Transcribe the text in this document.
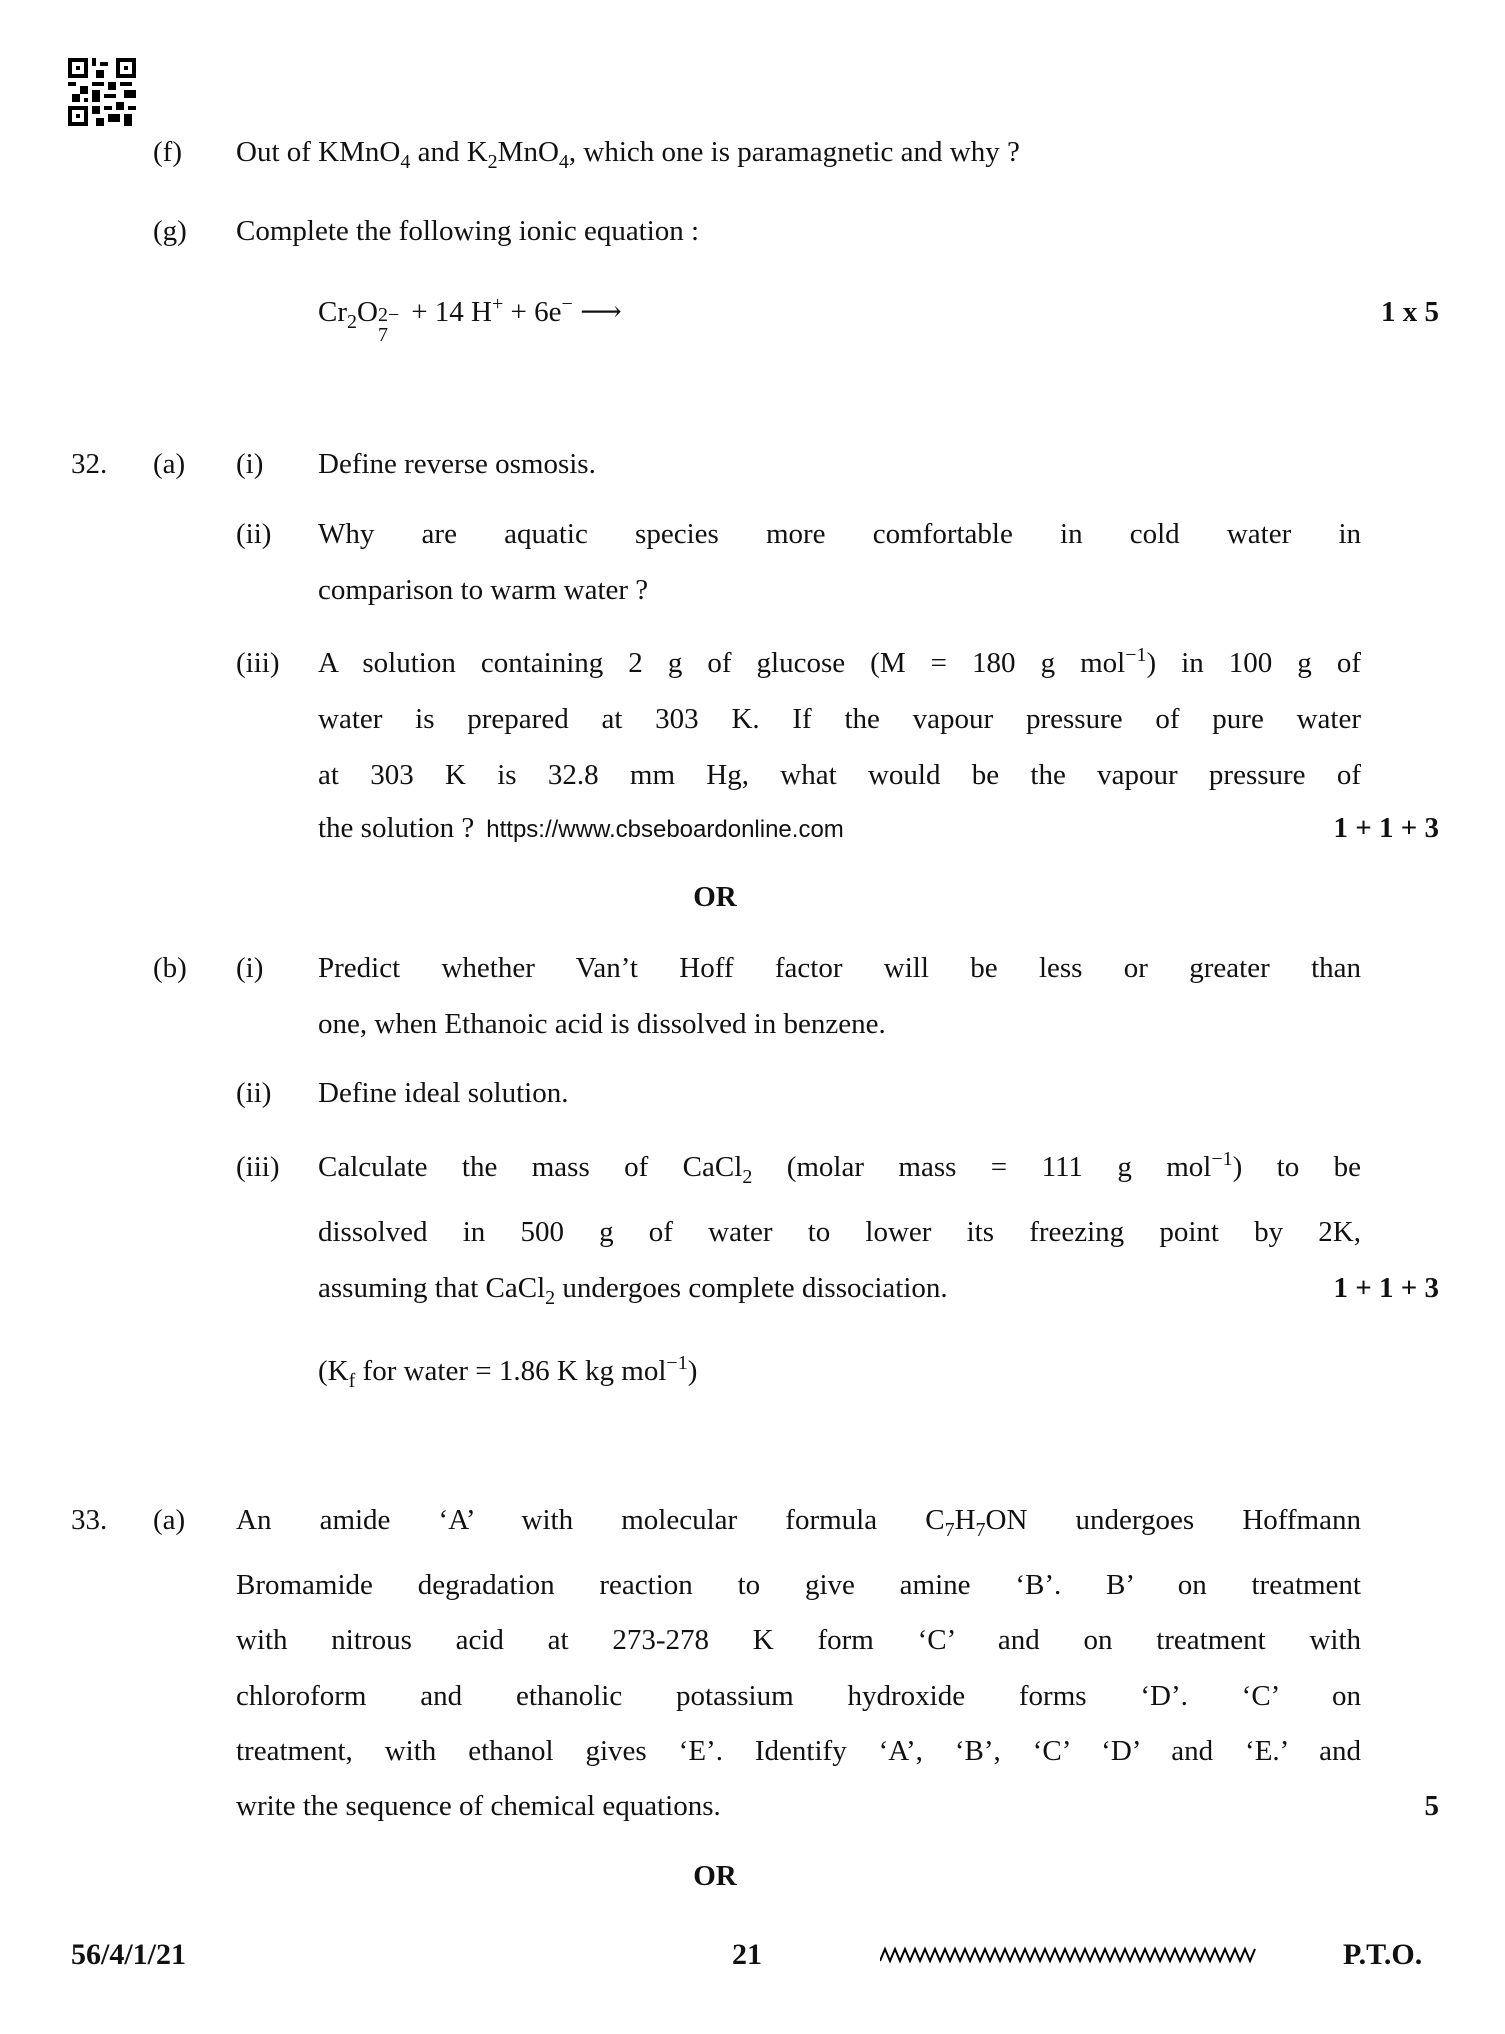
(f) Out of KMnO$_4$ and $K_2MnO_4$, which one is paramagnetic and why ?
(g) Complete the following ionic equation :
$Cr_2O$ 2−
7
+ 14 H+ + 6e− ⟶	1 x 5
32. (a) (i) Define reverse osmosis.
(ii) Why are aquatic species more comfortable in cold water in
comparison to warm water ?
(iii) A solution containing 2 g of glucose (M = 180 g mol$^{-1}$) in 100 g of
water is prepared at 303 K. If the vapour pressure of pure water
at 303 K is 32.8 mm Hg, what would be the vapour pressure of
the solution ? https://www.cbseboardonline.com	1 + 1 + 3
OR
(b) (i) Predict whether Van’t Hoff factor will be less or greater than
one, when Ethanoic acid is dissolved in benzene.
(ii) Define ideal solution.
(iii) Calculate the mass of CaCl$_2$ (molar mass = 111 g mol$^{-1}$) to be
dissolved in 500 g of water to lower its freezing point by 2K,
assuming that CaCl$_2$ undergoes complete dissociation.	1 + 1 + 3
($K_f$ for water = 1.86 K kg mol$^{-1}$)
33. (a) An amide ‘A’ with molecular formula $C_7H_7ON$ undergoes Hoffmann
Bromamide degradation reaction to give amine ‘B’. B’ on treatment
with nitrous acid at 273-278 K form ‘C’ and on treatment with
chloroform and ethanolic potassium hydroxide forms ‘D’. ‘C’ on
treatment, with ethanol gives ‘E’. Identify ‘A’, ‘B’, ‘C’ ‘D’ and ‘E.’ and
write the sequence of chemical equations.	5
OR
56/4/1/21	21	P.T.O.
